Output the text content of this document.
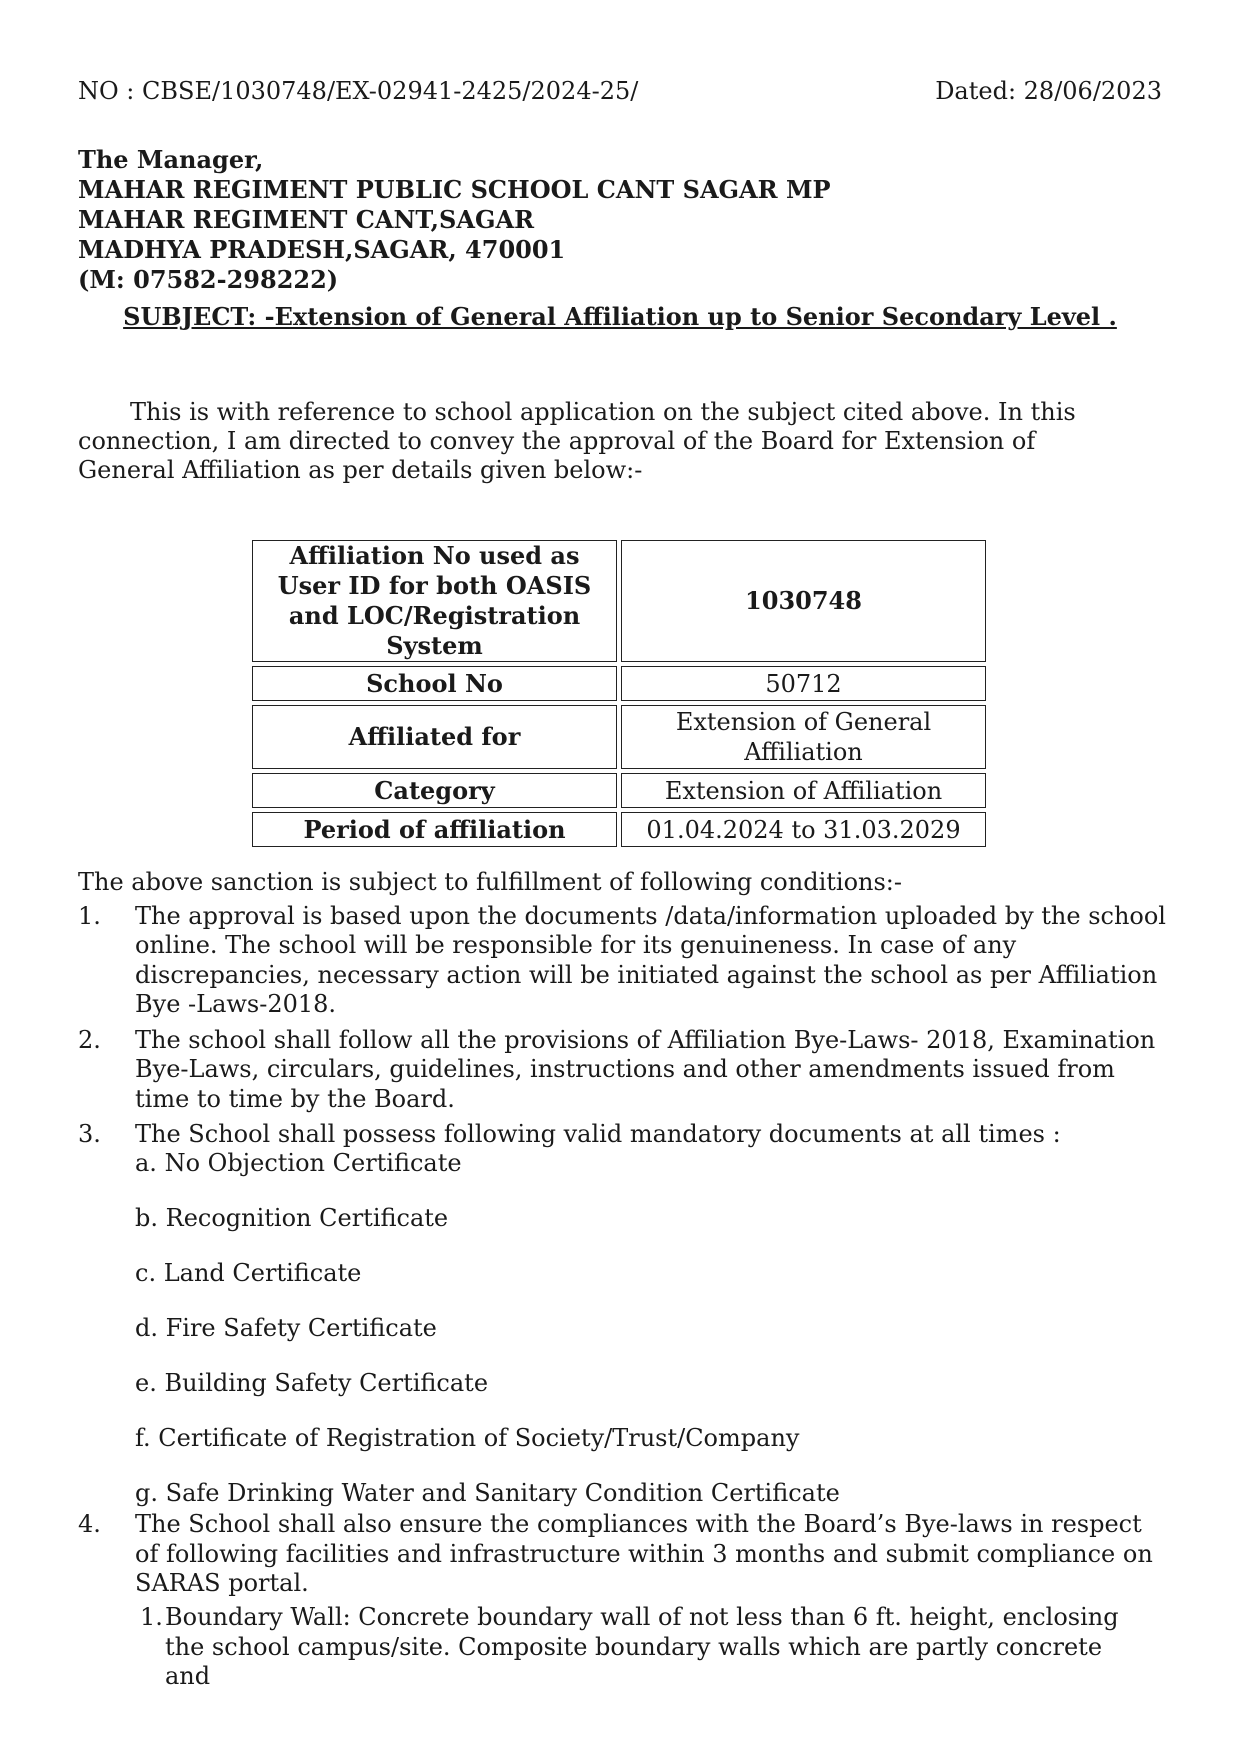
NO : CBSE/1030748/EX-02941-2425/2024-25/	Dated: 28/06/2023
The Manager,
MAHAR REGIMENT PUBLIC SCHOOL CANT SAGAR MP
MAHAR REGIMENT CANT,SAGAR
MADHYA PRADESH,SAGAR, 470001
(M: 07582-298222)
SUBJECT: -Extension of General Affiliation up to Senior Secondary Level .
This is with reference to school application on the subject cited above. In this connection, I am directed to convey the approval of the Board for Extension of General Affiliation as per details given below:-
Affiliation No used as User ID for both OASIS and LOC/Registration System	1030748
School No	50712
Affiliated for	Extension of General Affiliation
Category	Extension of Affiliation
Period of affiliation	01.04.2024 to 31.03.2029
The above sanction is subject to fulfillment of following conditions:-
1.	The approval is based upon the documents /data/information uploaded by the school online. The school will be responsible for its genuineness. In case of any discrepancies, necessary action will be initiated against the school as per Affiliation Bye -Laws-2018.
2.	The school shall follow all the provisions of Affiliation Bye-Laws- 2018, Examination Bye-Laws, circulars, guidelines, instructions and other amendments issued from time to time by the Board.
3.	The School shall possess following valid mandatory documents at all times :
a. No Objection Certificate
b. Recognition Certificate
c. Land Certificate
d. Fire Safety Certificate
e. Building Safety Certificate
f. Certificate of Registration of Society/Trust/Company
g. Safe Drinking Water and Sanitary Condition Certificate
4.	The School shall also ensure the compliances with the Board’s Bye-laws in respect of following facilities and infrastructure within 3 months and submit compliance on SARAS portal.
1. Boundary Wall: Concrete boundary wall of not less than 6 ft. height, enclosing the school campus/site. Composite boundary walls which are partly concrete and
